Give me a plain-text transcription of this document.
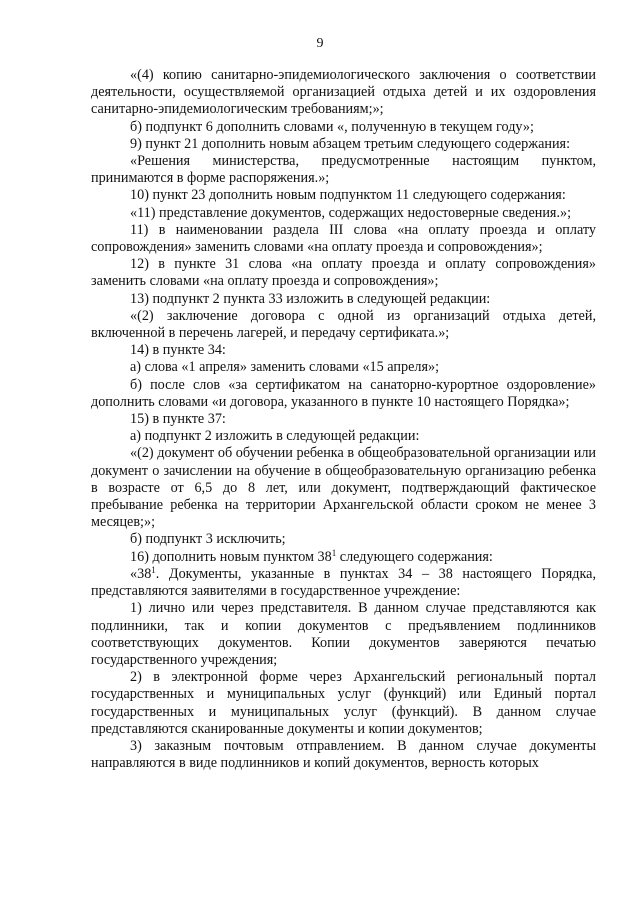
9

«(4) копию санитарно-эпидемиологического заключения о соответствии деятельности, осуществляемой организацией отдыха детей и их оздоровления санитарно-эпидемиологическим требованиям;»;

б) подпункт 6 дополнить словами «, полученную в текущем году»;

9) пункт 21 дополнить новым абзацем третьим следующего содержания:

«Решения министерства, предусмотренные настоящим пунктом, принимаются в форме распоряжения.»;

10) пункт 23 дополнить новым подпунктом 11 следующего содержания:

«11) представление документов, содержащих недостоверные сведения.»;

11) в наименовании раздела III слова «на оплату проезда и оплату сопровождения» заменить словами «на оплату проезда и сопровождения»;

12) в пункте 31 слова «на оплату проезда и оплату сопровождения» заменить словами «на оплату проезда и сопровождения»;

13) подпункт 2 пункта 33 изложить в следующей редакции:

«(2) заключение договора с одной из организаций отдыха детей, включенной в перечень лагерей, и передачу сертификата.»;

14) в пункте 34:

а) слова «1 апреля» заменить словами «15 апреля»;

б) после слов «за сертификатом на санаторно-курортное оздоровление» дополнить словами «и договора, указанного в пункте 10 настоящего Порядка»;

15) в пункте 37:

а) подпункт 2 изложить в следующей редакции:

«(2) документ об обучении ребенка в общеобразовательной организации или документ о зачислении на обучение в общеобразовательную организацию ребенка в возрасте от 6,5 до 8 лет, или документ, подтверждающий фактическое пребывание ребенка на территории Архангельской области сроком не менее 3 месяцев;»;

б) подпункт 3 исключить;

16) дополнить новым пунктом $38^1$ следующего содержания:

«$38^1$. Документы, указанные в пунктах 34 – 38 настоящего Порядка, представляются заявителями в государственное учреждение:

1) лично или через представителя. В данном случае представляются как подлинники, так и копии документов с предъявлением подлинников соответствующих документов. Копии документов заверяются печатью государственного учреждения;

2) в электронной форме через Архангельский региональный портал государственных и муниципальных услуг (функций) или Единый портал государственных и муниципальных услуг (функций). В данном случае представляются сканированные документы и копии документов;

3) заказным почтовым отправлением. В данном случае документы направляются в виде подлинников и копий документов, верность которых
